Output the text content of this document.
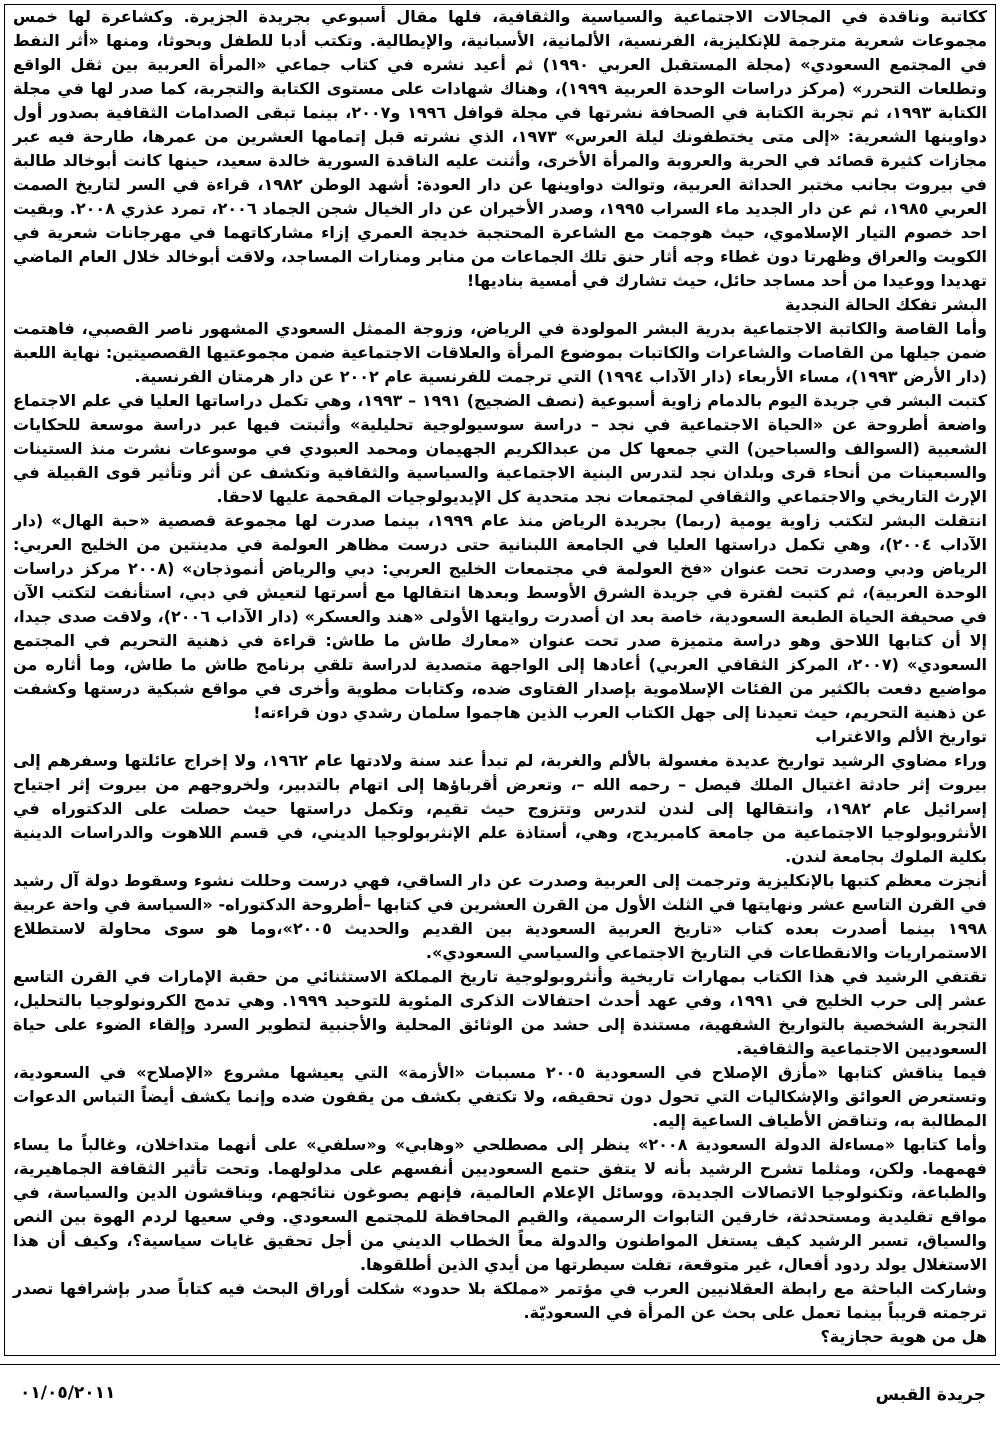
ككاتبة وناقدة في المجالات الاجتماعية والسياسية والثقافية، فلها مقال أسبوعي بجريدة الجزيرة. وكشاعرة لها خمس مجموعات شعرية مترجمة للإنكليزية، الفرنسية، الألمانية، الأسبانية، والإيطالية. وتكتب أدبا للطفل وبحوثا، ومنها «أثر النفط في المجتمع السعودي» (مجلة المستقبل العربي ١٩٩٠) ثم أعيد نشره في كتاب جماعي «المرأة العربية بين ثقل الواقع وتطلعات التحرر» (مركز دراسات الوحدة العربية ١٩٩٩)، وهناك شهادات على مستوى الكتابة والتجربة، كما صدر لها في مجلة الكتابة ١٩٩٣، ثم تجربة الكتابة في الصحافة نشرتها في مجلة قوافل ١٩٩٦ و٢٠٠٧، بينما تبقى الصدامات الثقافية بصدور أول دواوينها الشعرية: «إلى متى يختطفونك ليلة العرس» ١٩٧٣، الذي نشرته قبل إتمامها العشرين من عمرها، طارحة فيه عبر مجازات كثيرة قصائد في الحرية والعروبة والمرأة الأخرى، وأثنت عليه الناقدة السورية خالدة سعيد، حينها كانت أبوخالد طالبة في بيروت بجانب مختبر الحداثة العربية، وتوالت دواوينها عن دار العودة: أشهد الوطن ١٩٨٢، قراءة في السر لتاريخ الصمت العربي ١٩٨٥، ثم عن دار الجديد ماء السراب ١٩٩٥، وصدر الأخيران عن دار الخيال شجن الجماد ٢٠٠٦، تمرد عذري ٢٠٠٨. وبقيت احد خصوم التيار الإسلاموي، حيث هوجمت مع الشاعرة المحتجبة خديجة العمري إزاء مشاركاتهما في مهرجانات شعرية في الكويت والعراق وظهرتا دون غطاء وجه أثار حنق تلك الجماعات من منابر ومنارات المساجد، ولاقت أبوخالد خلال العام الماضي تهديدا ووعيدا من أحد مساجد حائل، حيث تشارك في أمسية بناديها!

البشر تفكك الحالة النجدية

وأما القاصة والكاتبة الاجتماعية بدرية البشر المولودة في الرياض، وزوجة الممثل السعودي المشهور ناصر القصبي، فاهتمت ضمن جيلها من القاصات والشاعرات والكاتبات بموضوع المرأة والعلاقات الاجتماعية ضمن مجموعتيها القصصيتين: نهاية اللعبة (دار الأرض ١٩٩٣)، مساء الأربعاء (دار الآداب ١٩٩٤) التي ترجمت للفرنسية عام ٢٠٠٢ عن دار هرمتان الفرنسية.

كتبت البشر في جريدة اليوم بالدمام زاوية أسبوعية (نصف الضجيج) ١٩٩١ – ١٩٩٣، وهي تكمل دراساتها العليا في علم الاجتماع واضعة أطروحة عن «الحياة الاجتماعية في نجد – دراسة سوسيولوجية تحليلية» وأثبتت فيها عبر دراسة موسعة للحكايات الشعبية (السوالف والسباحين) التي جمعها كل من عبدالكريم الجهيمان ومحمد العبودي في موسوعات نشرت منذ الستينات والسبعينات من أنحاء قرى وبلدان نجد لتدرس البنية الاجتماعية والسياسية والثقافية وتكشف عن أثر وتأثير قوى القبيلة في الإرث التاريخي والاجتماعي والثقافي لمجتمعات نجد متحدية كل الإيديولوجيات المقحمة عليها لاحقا.

انتقلت البشر لتكتب زاوية يومية (ربما) بجريدة الرياض منذ عام ١٩٩٩، بينما صدرت لها مجموعة قصصية «حبة الهال» (دار الآداب ٢٠٠٤)، وهي تكمل دراستها العليا في الجامعة اللبنانية حتى درست مظاهر العولمة في مدينتين من الخليج العربي: الرياض ودبي وصدرت تحت عنوان «فخ العولمة في مجتمعات الخليج العربي: دبي والرياض أنموذجان» (٢٠٠٨ مركز دراسات الوحدة العربية)، ثم كتبت لفترة في جريدة الشرق الأوسط وبعدها انتقالها مع أسرتها لتعيش في دبي، استأنفت لتكتب الآن في صحيفة الحياة الطبعة السعودية، خاصة بعد ان أصدرت روايتها الأولى «هند والعسكر» (دار الآداب ٢٠٠٦)، ولاقت صدى جيدا، إلا أن كتابها اللاحق وهو دراسة متميزة صدر تحت عنوان «معارك طاش ما طاش: قراءة في ذهنية التحريم في المجتمع السعودي» (٢٠٠٧، المركز الثقافي العربي) أعادها إلى الواجهة متصدية لدراسة تلقي برنامج طاش ما طاش، وما أثاره من مواضيع دفعت بالكثير من الفئات الإسلاموية بإصدار الفتاوى ضده، وكتابات مطوية وأخرى في مواقع شبكية درستها وكشفت عن ذهنية التحريم، حيث تعيدنا إلى جهل الكتاب العرب الذين هاجموا سلمان رشدي دون قراءته!

تواريخ الألم والاغتراب

وراء مضاوي الرشيد تواريخ عديدة مغسولة بالألم والغربة، لم تبدأ عند سنة ولادتها عام ١٩٦٢، ولا إخراج عائلتها وسفرهم إلى بيروت إثر حادثة اغتيال الملك فيصل – رحمه الله –، وتعرض أقرباؤها إلى اتهام بالتدبير، ولخروجهم من بيروت إثر اجتياح إسرائيل عام ١٩٨٢، وانتقالها إلى لندن لتدرس وتتزوج حيث تقيم، وتكمل دراستها حيث حصلت على الدكتوراه في الأنثروبولوجيا الاجتماعية من جامعة كامبريدج، وهي، أستاذة علم الإنثربولوجيا الديني، في قسم اللاهوت والدراسات الدينية بكلية الملوك بجامعة لندن.

أنجزت معظم كتبها بالإنكليزية وترجمت إلى العربية وصدرت عن دار الساقي، فهي درست وحللت نشوء وسقوط دولة آل رشيد في القرن التاسع عشر ونهايتها في الثلث الأول من القرن العشرين في كتابها –أطروحة الدكتوراه- «السياسة في واحة عربية ١٩٩٨ بينما أصدرت بعده كتاب «تاريخ العربية السعودية بين القديم والحديث ٢٠٠٥»،وما هو سوى محاولة لاستطلاع الاستمراريات والانقطاعات في التاريخ الاجتماعي والسياسي السعودي».

تقتفي الرشيد في هذا الكتاب بمهارات تاريخية وأنثروبولوجية تاريخ المملكة الاستثنائي من حقبة الإمارات في القرن التاسع عشر إلى حرب الخليج في ١٩٩١، وفي عهد أحدث احتفالات الذكرى المئوية للتوحيد ١٩٩٩. وهي تدمج الكرونولوجيا بالتحليل، التجربة الشخصية بالتواريخ الشفهية، مستندة إلى حشد من الوثائق المحلية والأجنبية لتطوير السرد وإلقاء الضوء على حياة السعوديين الاجتماعية والثقافية.

فيما يناقش كتابها «مأزق الإصلاح في السعودية ٢٠٠٥ مسببات «الأزمة» التي يعيشها مشروع «الإصلاح» في السعودية، وتستعرض العوائق والإشكاليات التي تحول دون تحقيقه، ولا تكتفي بكشف من يقفون ضده وإنما يكشف أيضاً التباس الدعوات المطالبة به، وتناقض الأطياف الساعية إليه.

وأما كتابها «مساءلة الدولة السعودية ٢٠٠٨» ينظر إلى مصطلحي «وهابي» و«سلفي» على أنهما متداخلان، وغالباً ما يساء فهمهما. ولكن، ومثلما تشرح الرشيد بأنه لا يتفق حتمع السعوديين أنفسهم على مدلولهما. وتحت تأثير الثقافة الجماهيرية، والطباعة، وتكنولوجيا الاتصالات الجديدة، ووسائل الإعلام العالمية، فإنهم يصوغون نتائجهم، ويناقشون الدين والسياسة، في مواقع تقليدية ومستحدثة، خارقين التابوات الرسمية، والقيم المحافظة للمجتمع السعودي. وفي سعيها لردم الهوة بين النص والسياق، تسبر الرشيد كيف يستغل المواطنون والدولة معاً الخطاب الديني من أجل تحقيق غايات سياسية؟، وكيف أن هذا الاستغلال يولد ردود أفعال، غير متوقعة، تفلت سيطرتها من أيدي الذين أطلقوها.

وشاركت الباحثة مع رابطة العقلانيين العرب في مؤتمر «مملكة بلا حدود» شكلت أوراق البحث فيه كتاباً صدر بإشرافها تصدر ترجمته قريباً بينما تعمل على بحث عن المرأة في السعوديّة.

هل من هوية حجازية؟

جريدة القبس
٠١/٠٥/٢٠١١
